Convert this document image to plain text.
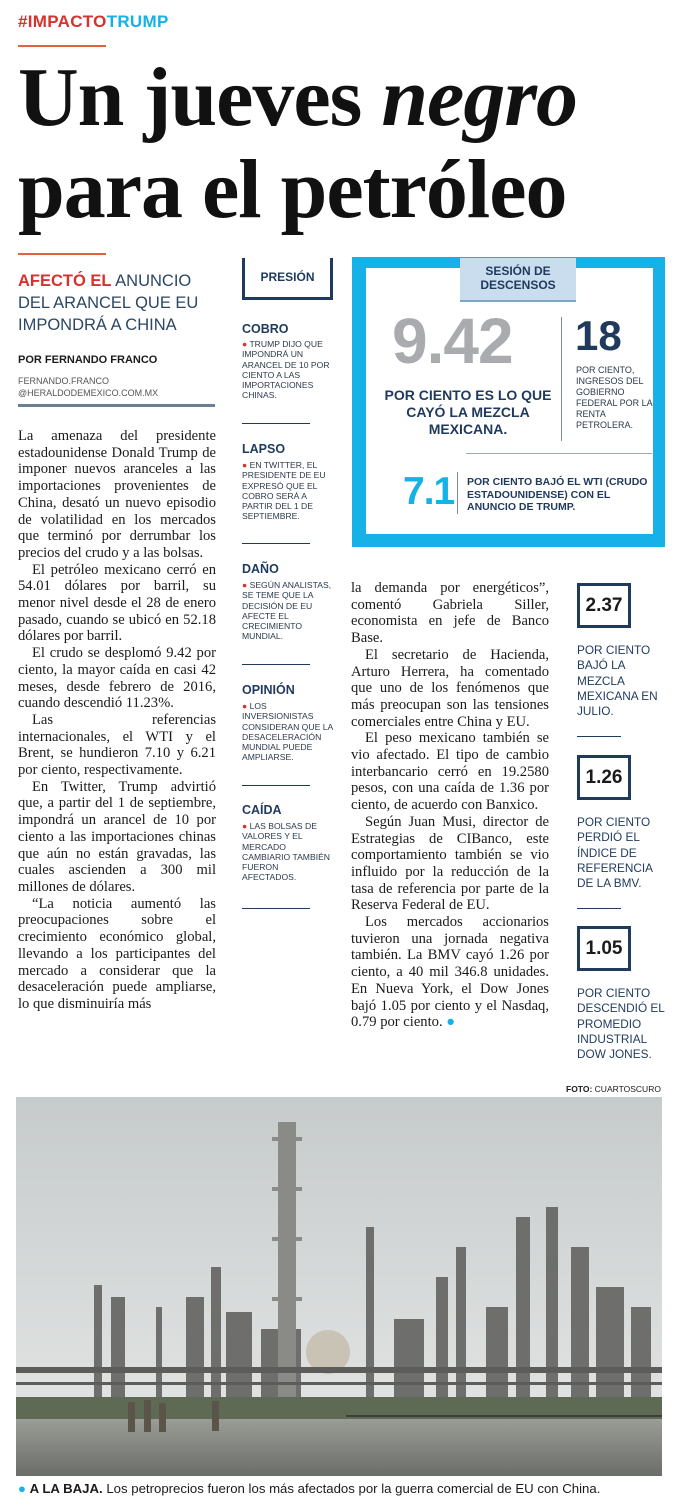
#IMPACTOTRUMP
Un jueves negro
para el petróleo
AFECTÓ EL ANUNCIO DEL ARANCEL QUE EU IMPONDRÁ A CHINA
POR FERNANDO FRANCO
FERNANDO.FRANCO
@HERALDODEMEXICO.COM.MX

La amenaza del presidente estadounidense Donald Trump de imponer nuevos aranceles a las importaciones provenientes de China, desató un nuevo episodio de volatilidad en los mercados que terminó por derrumbar los precios del crudo y a las bolsas.

El petróleo mexicano cerró en 54.01 dólares por barril, su menor nivel desde el 28 de enero pasado, cuando se ubicó en 52.18 dólares por barril.

El crudo se desplomó 9.42 por ciento, la mayor caída en casi 42 meses, desde febrero de 2016, cuando descendió 11.23%.

Las referencias internacionales, el WTI y el Brent, se hundieron 7.10 y 6.21 por ciento, respectivamente.

En Twitter, Trump advirtió que, a partir del 1 de septiembre, impondrá un arancel de 10 por ciento a las importaciones chinas que aún no están gravadas, las cuales ascienden a 300 mil millones de dólares.

“La noticia aumentó las preocupaciones sobre el crecimiento económico global, llevando a los participantes del mercado a considerar que la desaceleración puede ampliarse, lo que disminuiría más

PRESIÓN
COBRO
● TRUMP DIJO QUE IMPONDRÁ UN ARANCEL DE 10 POR CIENTO A LAS IMPORTACIONES CHINAS.
LAPSO
● EN TWITTER, EL PRESIDENTE DE EU EXPRESÓ QUE EL COBRO SERÁ A PARTIR DEL 1 DE SEPTIEMBRE.
DAÑO
● SEGÚN ANALISTAS, SE TEME QUE LA DECISIÓN DE EU AFECTE EL CRECIMIENTO MUNDIAL.
OPINIÓN
● LOS INVERSIONISTAS CONSIDERAN QUE LA DESACELERACIÓN MUNDIAL PUEDE AMPLIARSE.
CAÍDA
● LAS BOLSAS DE VALORES Y EL MERCADO CAMBIARIO TAMBIÉN FUERON AFECTADOS.
SESIÓN DE
DESCENSOS
9.42
POR CIENTO ES LO QUE CAYÓ LA MEZCLA MEXICANA.
18
POR CIENTO, INGRESOS DEL GOBIERNO FEDERAL POR LA RENTA PETROLERA.
7.1 POR CIENTO BAJÓ EL WTI (CRUDO ESTADOUNIDENSE) CON EL ANUNCIO DE TRUMP.

la demanda por energéticos”, comentó Gabriela Siller, economista en jefe de Banco Base.

El secretario de Hacienda, Arturo Herrera, ha comentado que uno de los fenómenos que más preocupan son las tensiones comerciales entre China y EU.

El peso mexicano también se vio afectado. El tipo de cambio interbancario cerró en 19.2580 pesos, con una caída de 1.36 por ciento, de acuerdo con Banxico.

Según Juan Musi, director de Estrategias de CIBanco, este comportamiento también se vio influido por la reducción de la tasa de referencia por parte de la Reserva Federal de EU.

Los mercados accionarios tuvieron una jornada negativa también. La BMV cayó 1.26 por ciento, a 40 mil 346.8 unidades. En Nueva York, el Dow Jones bajó 1.05 por ciento y el Nasdaq, 0.79 por ciento. ●

2.37
POR CIENTO BAJÓ LA MEZCLA MEXICANA EN JULIO.
1.26
POR CIENTO PERDIÓ EL ÍNDICE DE REFERENCIA DE LA BMV.
1.05
POR CIENTO DESCENDIÓ EL PROMEDIO INDUSTRIAL DOW JONES.
FOTO: CUARTOSCURO
● A LA BAJA. Los petroprecios fueron los más afectados por la guerra comercial de EU con China.
